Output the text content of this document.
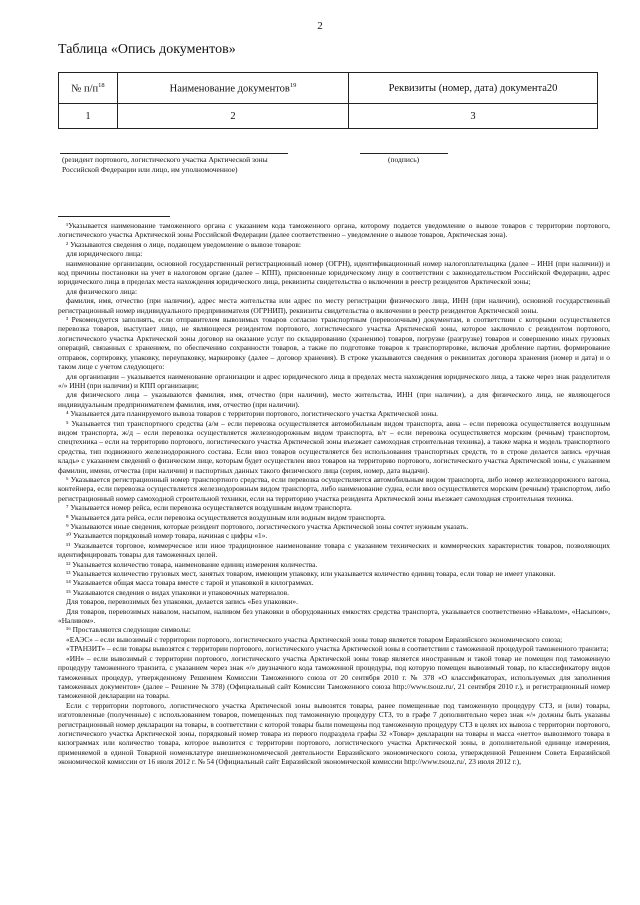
2
Таблица «Опись документов»
№ $п/п^{18}$	Наименование документов$^{19}$	Реквизиты (номер, дата) документа20
1	2	3
(резидент портового, логистического участка Арктической зоны Российской Федерации или лицо, им уполномоченное)
(подпись)

¹Указывается наименование таможенного органа с указанием кода таможенного органа, которому подается уведомление о вывозе товаров с территории портового, логистического участка Арктической зоны Российской Федерации (далее соответственно – уведомление о вывозе товаров, Арктическая зона).

² Указываются сведения о лице, подающем уведомление о вывозе товаров:

для юридического лица:

наименование организации, основной государственный регистрационный номер (ОГРН), идентификационный номер налогоплательщика (далее – ИНН (при наличии)) и код причины постановки на учет в налоговом органе (далее – КПП), присвоенные юридическому лицу в соответствии с законодательством Российской Федерации, адрес юридического лица в пределах места нахождения юридического лица, реквизиты свидетельства о включении в реестр резидентов Арктической зоны;

для физического лица:

фамилия, имя, отчество (при наличии), адрес места жительства или адрес по месту регистрации физического лица, ИНН (при наличии), основной государственный регистрационный номер индивидуального предпринимателя (ОГРНИП), реквизиты свидетельства о включении в реестр резидентов Арктической зоны.

³ Рекомендуется заполнять, если отправителем вывозимых товаров согласно транспортным (перевозочным) документам, в соответствии с которыми осуществляется перевозка товаров, выступает лицо, не являющееся резидентом портового, логистического участка Арктической зоны, которое заключило с резидентом портового, логистического участка Арктической зоны договор на оказание услуг по складированию (хранению) товаров, погрузке (разгрузке) товаров и совершению иных грузовых операций, связанных с хранением, по обеспечению сохранности товаров, а также по подготовке товаров к транспортировке, включая дробление партии, формирование отправок, сортировку, упаковку, переупаковку, маркировку (далее – договор хранения). В строке указываются сведения о реквизитах договора хранения (номер и дата) и о таком лице с учетом следующего:

для организации – указывается наименование организации и адрес юридического лица в пределах места нахождения юридического лица, а также через знак разделителя «/» ИНН (при наличии) и КПП организации;

для физического лица – указываются фамилия, имя, отчество (при наличии), место жительства, ИНН (при наличии), а для физического лица, не являющегося индивидуальным предпринимателем фамилия, имя, отчество (при наличии).

⁴ Указывается дата планируемого вывоза товаров с территории портового, логистического участка Арктической зоны.

⁵ Указывается тип транспортного средства (а/м – если перевозка осуществляется автомобильным видом транспорта, авиа – если перевозка осуществляется воздушным видом транспорта, ж/д – если перевозка осуществляется железнодорожным видом транспорта, в/т – если перевозка осуществляется морским (речным) транспортом, спецтехника – если на территорию портового, логистического участка Арктической зоны въезжает самоходная строительная техника), а также марка и модель транспортного средства, тип подвижного железнодорожного состава. Если ввоз товаров осуществляется без использования транспортных средств, то в строке делается запись «ручная кладь» с указанием сведений о физическом лице, которым будет осуществлен ввоз товаров на территорию портового, логистического участка Арктической зоны, с указанием фамилии, имени, отчества (при наличии) и паспортных данных такого физического лица (серия, номер, дата выдачи).

⁶ Указывается регистрационный номер транспортного средства, если перевозка осуществляется автомобильным видом транспорта, либо номер железнодорожного вагона, контейнера, если перевозка осуществляется железнодорожным видом транспорта, либо наименование судна, если ввоз осуществляется морским (речным) транспортом, либо регистрационный номер самоходной строительной техники, если на территорию участка резидента Арктической зоны въезжает самоходная строительная техника.

⁷ Указывается номер рейса, если перевозка осуществляется воздушным видом транспорта.

⁸ Указывается дата рейса, если перевозка осуществляется воздушным или водным видом транспорта.

⁹ Указываются иные сведения, которые резидент портового, логистического участка Арктической зоны сочтет нужным указать.

¹⁰ Указывается порядковый номер товара, начиная с цифры «1».

¹¹ Указывается торговое, коммерческое или иное традиционное наименование товара с указанием технических и коммерческих характеристик товаров, позволяющих идентифицировать товары для таможенных целей.

¹² Указывается количество товара, наименование единиц измерения количества.

¹³ Указывается количество грузовых мест, занятых товаром, имеющим упаковку, или указывается количество единиц товара, если товар не имеет упаковки.

¹⁴ Указывается общая масса товара вместе с тарой и упаковкой в килограммах.

¹⁵ Указываются сведения о видах упаковки и упаковочных материалов.

Для товаров, перевозимых без упаковки, делается запись «Без упаковки».

Для товаров, перевозимых навалом, насыпом, наливом без упаковки в оборудованных емкостях средства транспорта, указывается соответственно «Навалом», «Насыпом», «Наливом».

¹⁶ Проставляются следующие символы:

«ЕАЭС» – если вывозимый с территории портового, логистического участка Арктической зоны товар является товаром Евразийского экономического союза;

«ТРАНЗИТ» – если товары вывозятся с территории портового, логистического участка Арктической зоны в соответствии с таможенной процедурой таможенного транзита;

«ИН» – если вывозимый с территории портового, логистического участка Арктической зоны товар является иностранным и такой товар не помещен под таможенную процедуру таможенного транзита, с указанием через знак «/» двузначного кода таможенной процедуры, под которую помещен вывозимый товар, по классификатору видов таможенных процедур, утвержденному Решением Комиссии Таможенного союза от 20 сентября 2010 г. № 378 «О классификаторах, используемых для заполнения таможенных документов» (далее – Решение № 378) (Официальный сайт Комиссии Таможенного союза http://www.tsouz.ru/, 21 сентября 2010 г.), и регистрационный номер таможенной декларации на товары.

Если с территории портового, логистического участка Арктической зоны вывозятся товары, ранее помещенные под таможенную процедуру СТЗ, и (или) товары, изготовленные (полученные) с использованием товаров, помещенных под таможенную процедуру СТЗ, то в графе 7 дополнительно через знак «/» должны быть указаны регистрационный номер декларации на товары, в соответствии с которой товары были помещены под таможенную процедуру СТЗ в целях их вывоза с территории портового, логистического участка Арктической зоны, порядковый номер товара из первого подраздела графы 32 «Товар» декларации на товары и масса «нетто» вывозимого товара в килограммах или количество товара, которое вывозится с территории портового, логистического участка Арктической зоны, в дополнительной единице измерения, применяемой в единой Товарной номенклатуре внешнеэкономической деятельности Евразийского экономического союза, утвержденной Решением Совета Евразийской экономической комиссии от 16 июля 2012 г. № 54 (Официальный сайт Евразийской экономической комиссии http://www.tsouz.ru/, 23 июля 2012 г.),
